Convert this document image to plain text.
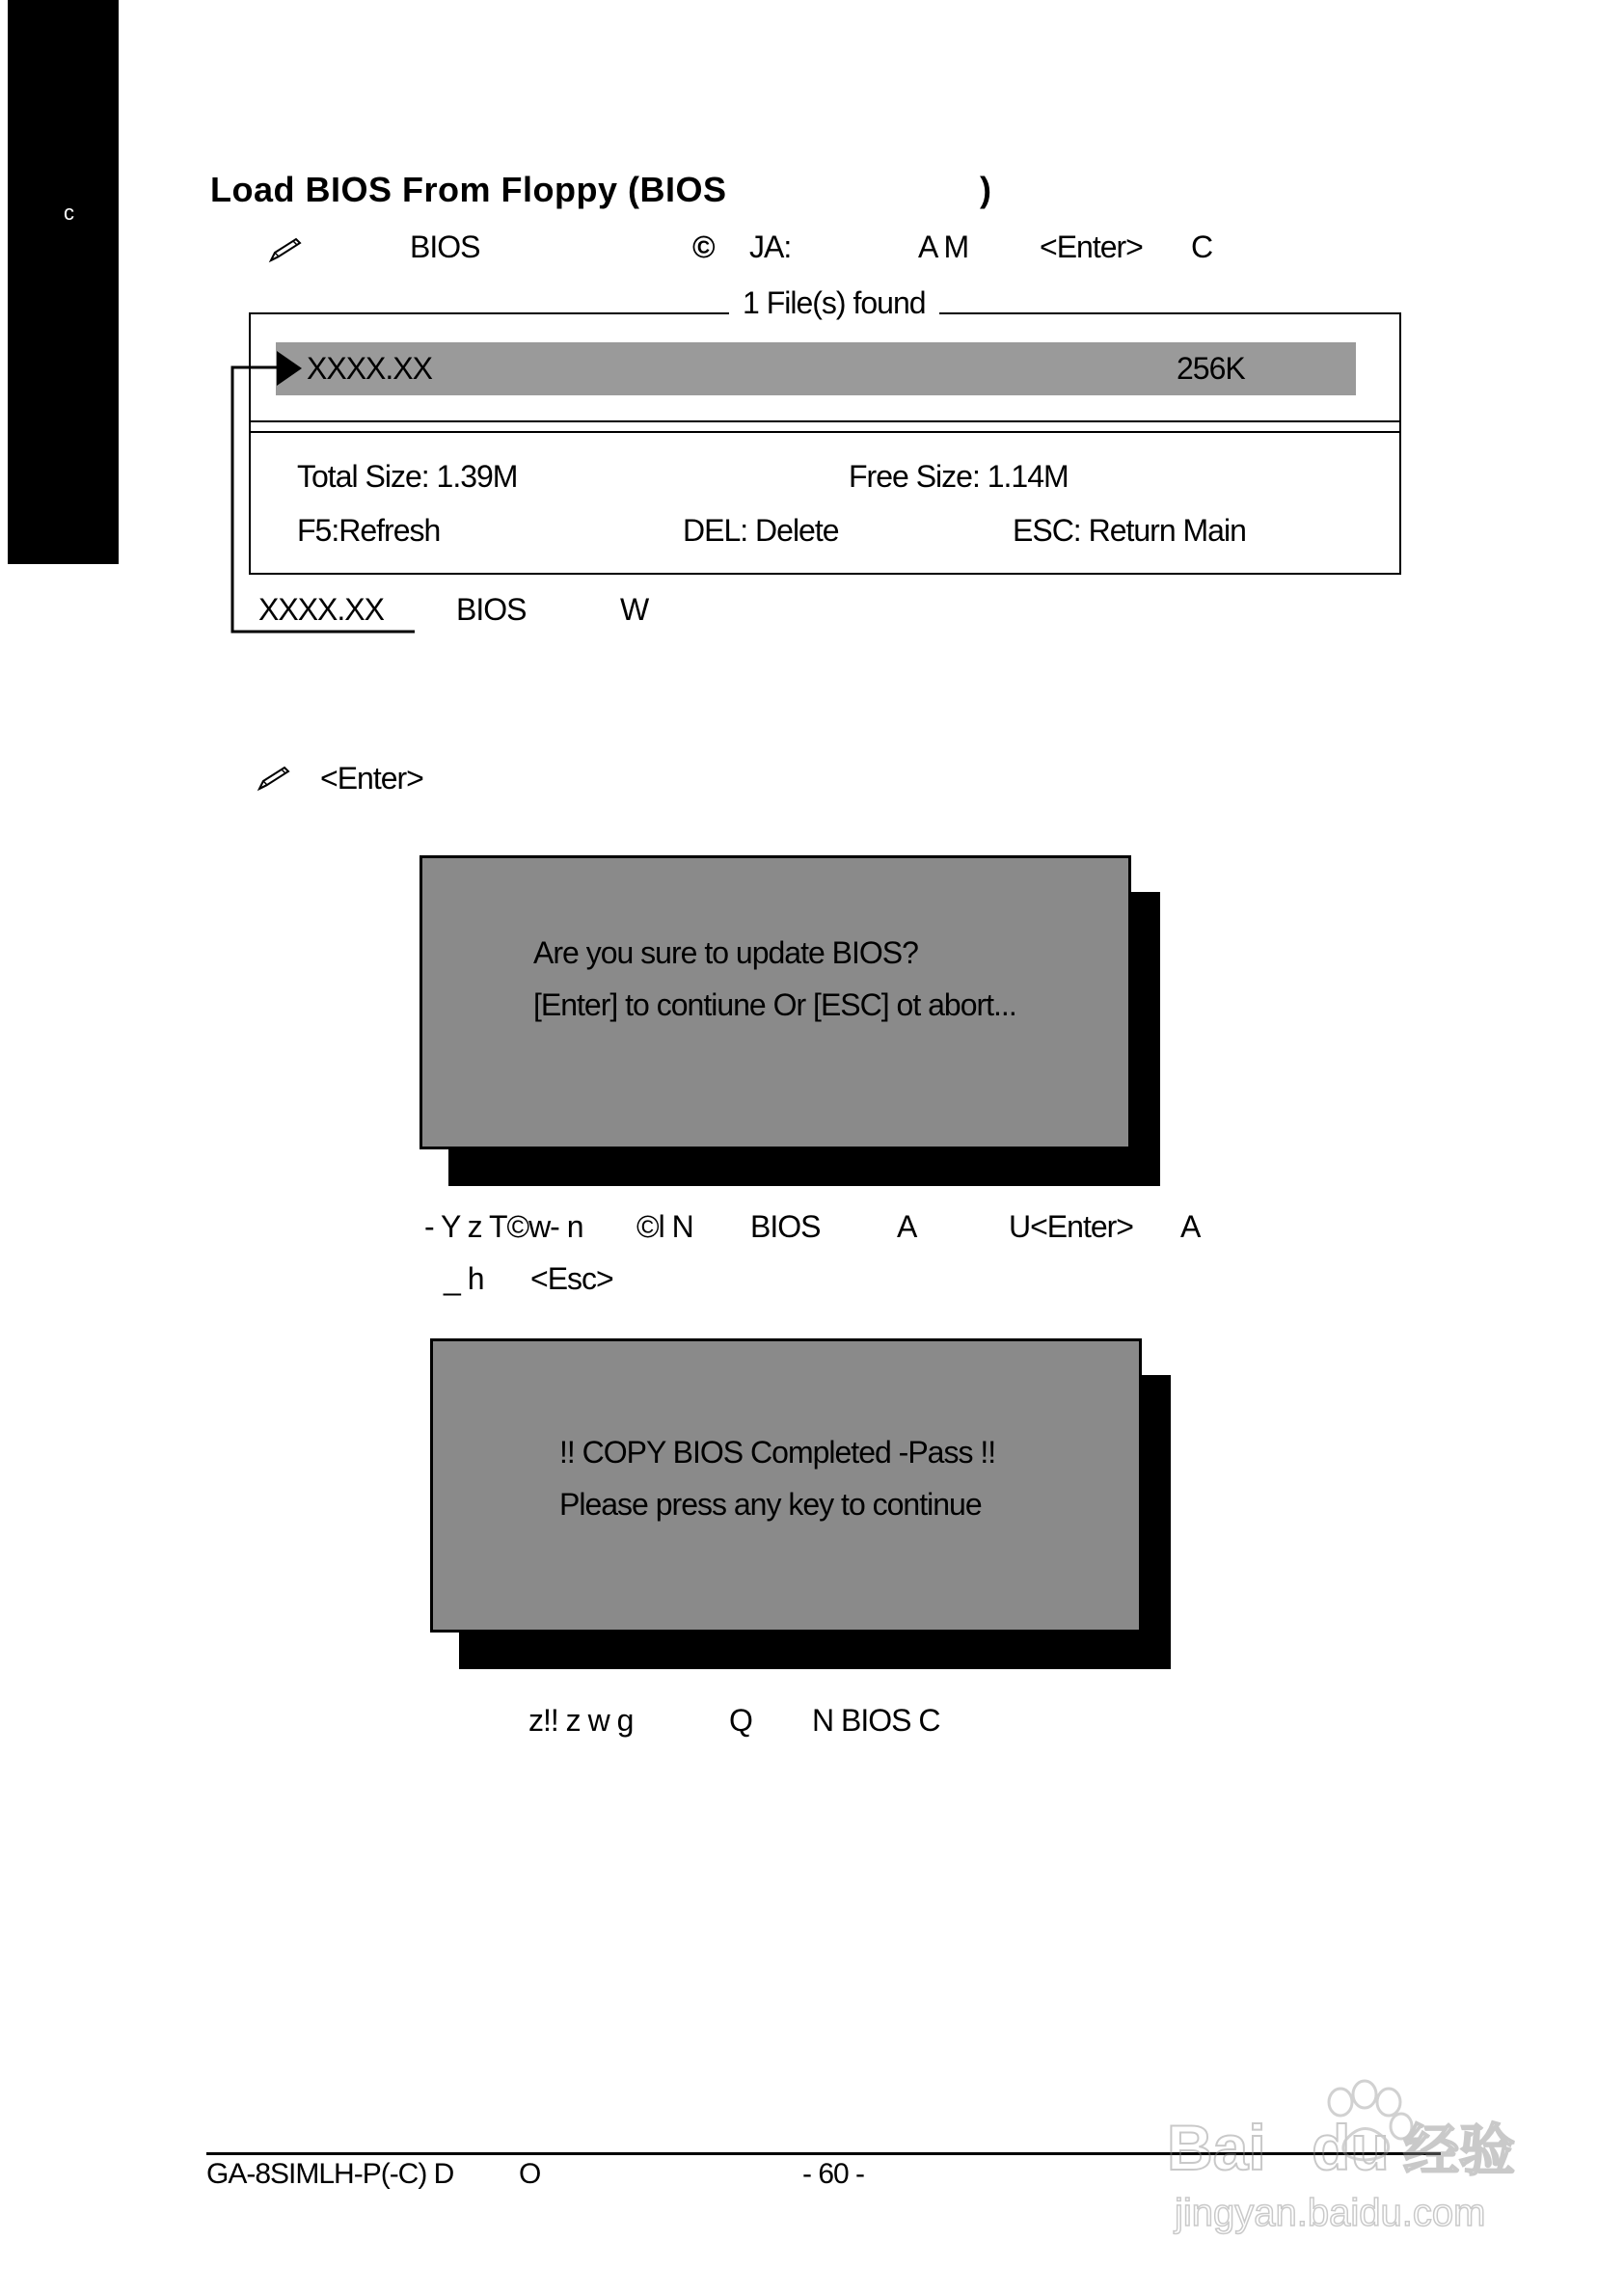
c
Load BIOS From Floppy (BIOS	)
BIOS	© JA:	A M <Enter> C
1 File(s) found
XXXX.XX	256K
Total Size: 1.39M	Free Size: 1.14M
F5:Refresh	DEL: Delete	ESC: Return Main
XXXX.XX BIOS	W
<Enter>
Are you sure to update BIOS?
[Enter] to contiune Or [ESC] ot abort...
- Y z T©w- n ©l N BIOS A	U<Enter> A
_ h <Esc>
!! COPY BIOS Completed -Pass !!
Please press any key to continue
z!! z w g	Q N BIOS C
GA-8SIMLH-P(-C) D O	- 60 -	Bai du 经验
jingyan.baidu.com
